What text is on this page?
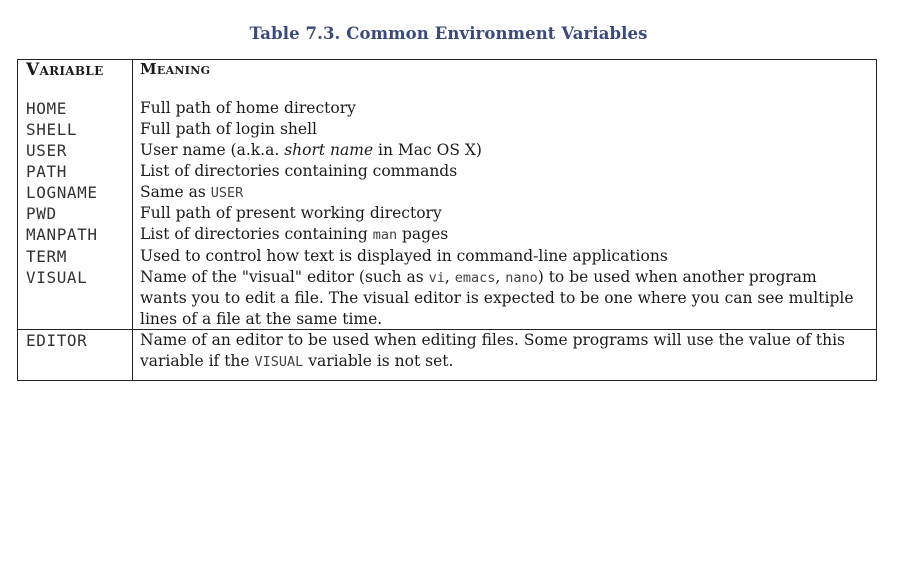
Table 7.3. Common Environment Variables
Variable	Meaning
HOME	Full path of home directory
SHELL	Full path of login shell
USER	User name (a.k.a. short name in Mac OS X)
PATH	List of directories containing commands
LOGNAME	Same as USER
PWD	Full path of present working directory
MANPATH	List of directories containing man pages
TERM	Used to control how text is displayed in command-line applications
VISUAL	Name of the "visual" editor (such as vi, emacs, nano) to be used when another program wants you to edit a file. The visual editor is expected to be one where you can see multiple lines of a file at the same time.
EDITOR	Name of an editor to be used when editing files. Some programs will use the value of this variable if the VISUAL variable is not set.
